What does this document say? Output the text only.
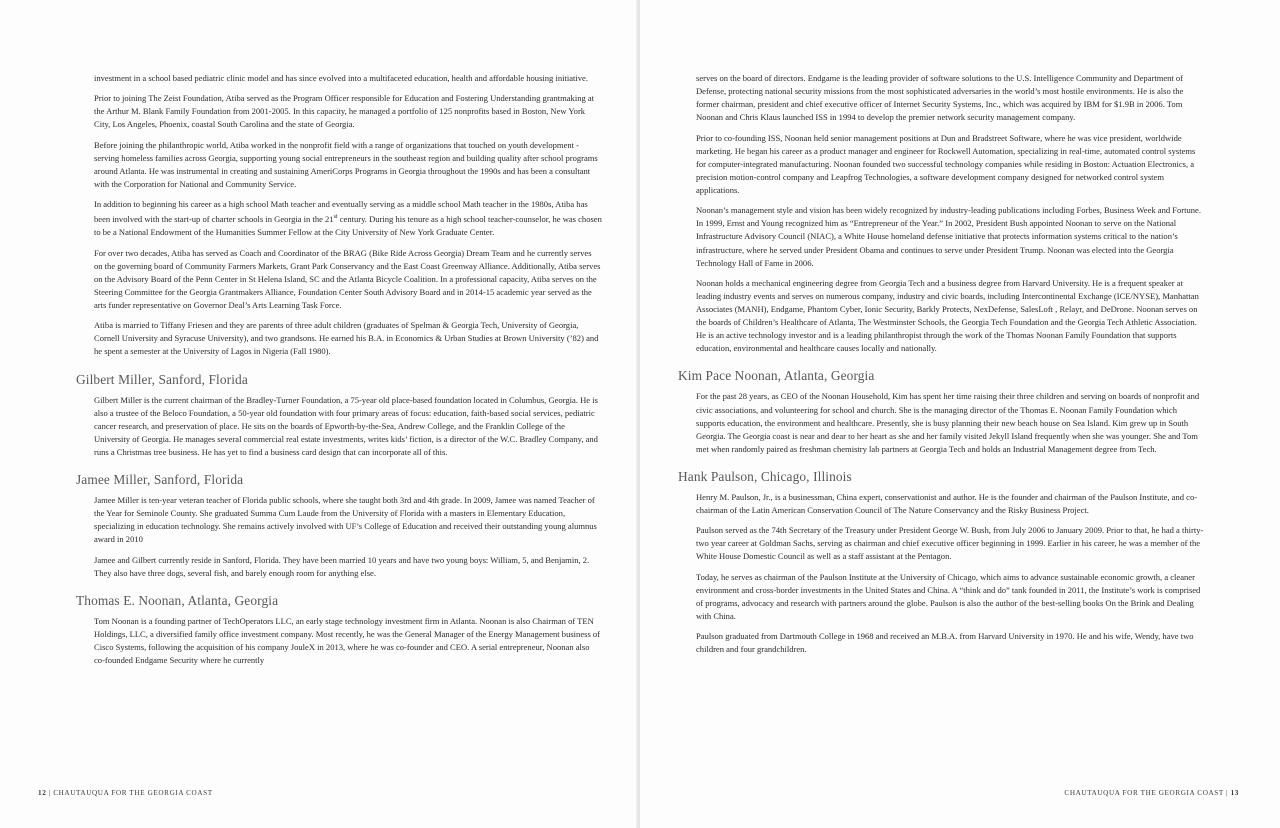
investment in a school based pediatric clinic model and has since evolved into a multifaceted education, health and affordable housing initiative.

Prior to joining The Zeist Foundation, Atiba served as the Program Officer responsible for Education and Fostering Understanding grantmaking at the Arthur M. Blank Family Foundation from 2001-2005. In this capacity, he managed a portfolio of 125 nonprofits based in Boston, New York City, Los Angeles, Phoenix, coastal South Carolina and the state of Georgia.

Before joining the philanthropic world, Atiba worked in the nonprofit field with a range of organizations that touched on youth development - serving homeless families across Georgia, supporting young social entrepreneurs in the southeast region and building quality after school programs around Atlanta. He was instrumental in creating and sustaining AmeriCorps Programs in Georgia throughout the 1990s and has been a consultant with the Corporation for National and Community Service.

In addition to beginning his career as a high school Math teacher and eventually serving as a middle school Math teacher in the 1980s, Atiba has been involved with the start-up of charter schools in Georgia in the 21st century. During his tenure as a high school teacher-counselor, he was chosen to be a National Endowment of the Humanities Summer Fellow at the City University of New York Graduate Center.

For over two decades, Atiba has served as Coach and Coordinator of the BRAG (Bike Ride Across Georgia) Dream Team and he currently serves on the governing board of Community Farmers Markets, Grant Park Conservancy and the East Coast Greenway Alliance. Additionally, Atiba serves on the Advisory Board of the Penn Center in St Helena Island, SC and the Atlanta Bicycle Coalition. In a professional capacity, Atiba serves on the Steering Committee for the Georgia Grantmakers Alliance, Foundation Center South Advisory Board and in 2014-15 academic year served as the arts funder representative on Governor Deal’s Arts Learning Task Force.

Atiba is married to Tiffany Friesen and they are parents of three adult children (graduates of Spelman & Georgia Tech, University of Georgia, Cornell University and Syracuse University), and two grandsons. He earned his B.A. in Economics & Urban Studies at Brown University (’82) and he spent a semester at the University of Lagos in Nigeria (Fall 1980).

Gilbert Miller, Sanford, Florida

Gilbert Miller is the current chairman of the Bradley-Turner Foundation, a 75-year old place-based foundation located in Columbus, Georgia. He is also a trustee of the Beloco Foundation, a 50-year old foundation with four primary areas of focus: education, faith-based social services, pediatric cancer research, and preservation of place. He sits on the boards of Epworth-by-the-Sea, Andrew College, and the Franklin College of the University of Georgia. He manages several commercial real estate investments, writes kids’ fiction, is a director of the W.C. Bradley Company, and runs a Christmas tree business. He has yet to find a business card design that can incorporate all of this.

Jamee Miller, Sanford, Florida

Jamee Miller is ten-year veteran teacher of Florida public schools, where she taught both 3rd and 4th grade. In 2009, Jamee was named Teacher of the Year for Seminole County. She graduated Summa Cum Laude from the University of Florida with a masters in Elementary Education, specializing in education technology. She remains actively involved with UF’s College of Education and received their outstanding young alumnus award in 2010

Jamee and Gilbert currently reside in Sanford, Florida. They have been married 10 years and have two young boys: William, 5, and Benjamin, 2. They also have three dogs, several fish, and barely enough room for anything else.

Thomas E. Noonan, Atlanta, Georgia

Tom Noonan is a founding partner of TechOperators LLC, an early stage technology investment firm in Atlanta. Noonan is also Chairman of TEN Holdings, LLC, a diversified family office investment company. Most recently, he was the General Manager of the Energy Management business of Cisco Systems, following the acquisition of his company JouleX in 2013, where he was co-founder and CEO. A serial entrepreneur, Noonan also co-founded Endgame Security where he currently

12 | CHAUTAUQUA FOR THE GEORGIA COAST

serves on the board of directors. Endgame is the leading provider of software solutions to the U.S. Intelligence Community and Department of Defense, protecting national security missions from the most sophisticated adversaries in the world’s most hostile environments. He is also the former chairman, president and chief executive officer of Internet Security Systems, Inc., which was acquired by IBM for $1.9B in 2006. Tom Noonan and Chris Klaus launched ISS in 1994 to develop the premier network security management company.

Prior to co-founding ISS, Noonan held senior management positions at Dun and Bradstreet Software, where he was vice president, worldwide marketing. He began his career as a product manager and engineer for Rockwell Automation, specializing in real-time, automated control systems for computer-integrated manufacturing. Noonan founded two successful technology companies while residing in Boston: Actuation Electronics, a precision motion-control company and Leapfrog Technologies, a software development company designed for networked control system applications.

Noonan’s management style and vision has been widely recognized by industry-leading publications including Forbes, Business Week and Fortune. In 1999, Ernst and Young recognized him as “Entrepreneur of the Year.” In 2002, President Bush appointed Noonan to serve on the National Infrastructure Advisory Council (NIAC), a White House homeland defense initiative that protects information systems critical to the nation’s infrastructure, where he served under President Obama and continues to serve under President Trump. Noonan was elected into the Georgia Technology Hall of Fame in 2006.

Noonan holds a mechanical engineering degree from Georgia Tech and a business degree from Harvard University. He is a frequent speaker at leading industry events and serves on numerous company, industry and civic boards, including Intercontinental Exchange (ICE/NYSE), Manhattan Associates (MANH), Endgame, Phantom Cyber, Ionic Security, Barkly Protects, NexDefense, SalesLoft , Relayr, and DeDrone. Noonan serves on the boards of Children’s Healthcare of Atlanta, The Westminster Schools, the Georgia Tech Foundation and the Georgia Tech Athletic Association. He is an active technology investor and is a leading philanthropist through the work of the Thomas Noonan Family Foundation that supports education, environmental and healthcare causes locally and nationally.

Kim Pace Noonan, Atlanta, Georgia

For the past 28 years, as CEO of the Noonan Household, Kim has spent her time raising their three children and serving on boards of nonprofit and civic associations, and volunteering for school and church. She is the managing director of the Thomas E. Noonan Family Foundation which supports education, the environment and healthcare. Presently, she is busy planning their new beach house on Sea Island. Kim grew up in South Georgia. The Georgia coast is near and dear to her heart as she and her family visited Jekyll Island frequently when she was younger. She and Tom met when randomly paired as freshman chemistry lab partners at Georgia Tech and holds an Industrial Management degree from Tech.

Hank Paulson, Chicago, Illinois

Henry M. Paulson, Jr., is a businessman, China expert, conservationist and author. He is the founder and chairman of the Paulson Institute, and co-chairman of the Latin American Conservation Council of The Nature Conservancy and the Risky Business Project.

Paulson served as the 74th Secretary of the Treasury under President George W. Bush, from July 2006 to January 2009. Prior to that, he had a thirty-two year career at Goldman Sachs, serving as chairman and chief executive officer beginning in 1999. Earlier in his career, he was a member of the White House Domestic Council as well as a staff assistant at the Pentagon.

Today, he serves as chairman of the Paulson Institute at the University of Chicago, which aims to advance sustainable economic growth, a cleaner environment and cross-border investments in the United States and China. A “think and do” tank founded in 2011, the Institute’s work is comprised of programs, advocacy and research with partners around the globe. Paulson is also the author of the best-selling books On the Brink and Dealing with China.

Paulson graduated from Dartmouth College in 1968 and received an M.B.A. from Harvard University in 1970. He and his wife, Wendy, have two children and four grandchildren.

CHAUTAUQUA FOR THE GEORGIA COAST | 13
